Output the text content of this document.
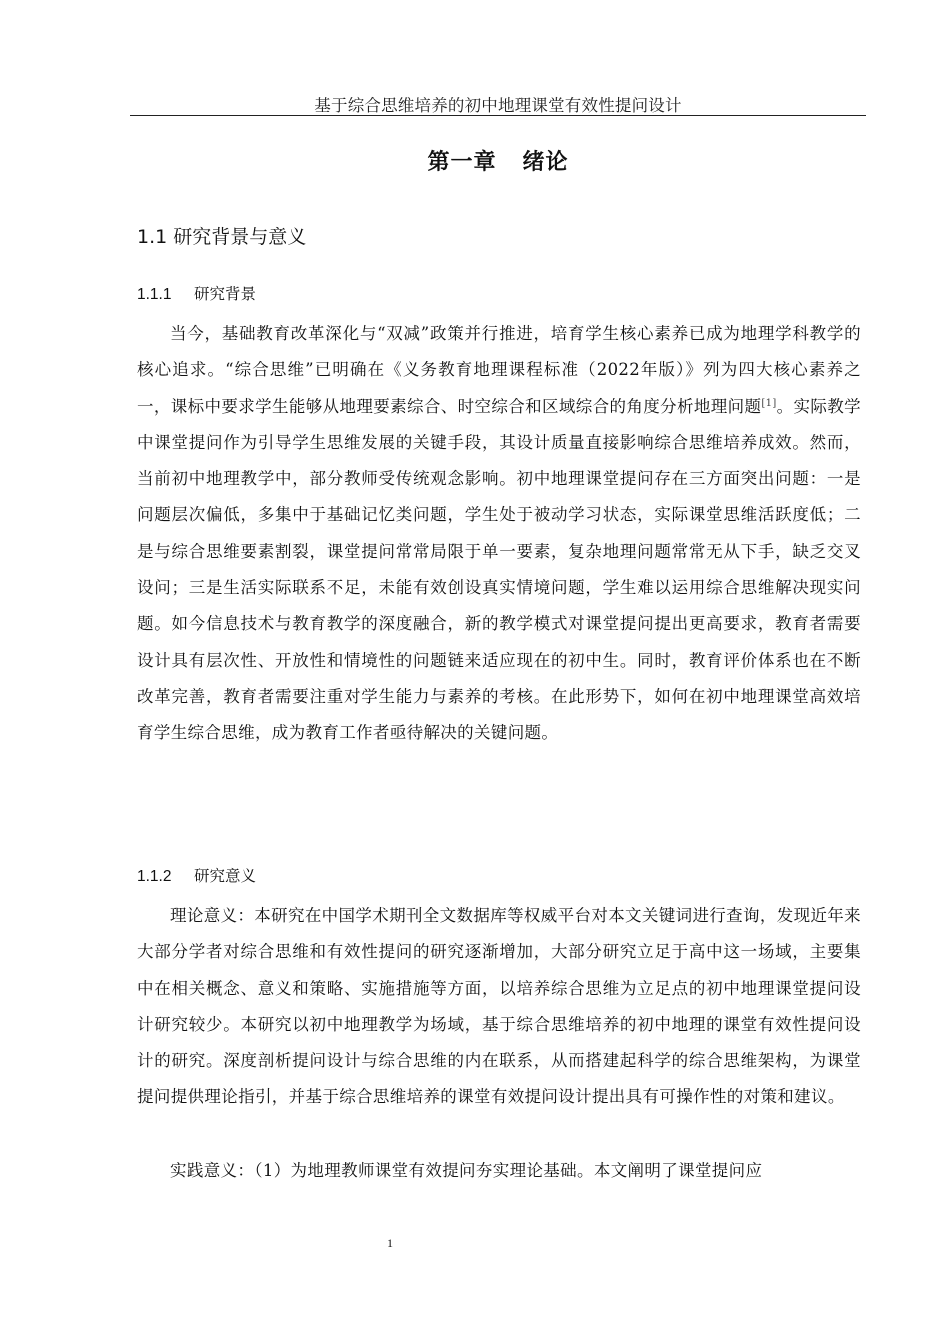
基于综合思维培养的初中地理课堂有效性提问设计
第一章 绪论
1.1 研究背景与意义
1.1.1 研究背景

当今，基础教育改革深化与“双减”政策并行推进，培育学生核心素养已成为地理学科教学的核心追求。“综合思维”已明确在《义务教育地理课程标准（2022年版）》列为四大核心素养之一，课标中要求学生能够从地理要素综合、时空综合和区域综合的角度分析地理问题[1]。实际教学中课堂提问作为引导学生思维发展的关键手段，其设计质量直接影响综合思维培养成效。然而，当前初中地理教学中，部分教师受传统观念影响。初中地理课堂提问存在三方面突出问题：一是问题层次偏低，多集中于基础记忆类问题，学生处于被动学习状态，实际课堂思维活跃度低；二是与综合思维要素割裂，课堂提问常常局限于单一要素，复杂地理问题常常无从下手，缺乏交叉设问；三是生活实际联系不足，未能有效创设真实情境问题，学生难以运用综合思维解决现实问题。如今信息技术与教育教学的深度融合，新的教学模式对课堂提问提出更高要求，教育者需要设计具有层次性、开放性和情境性的问题链来适应现在的初中生。同时，教育评价体系也在不断改革完善，教育者需要注重对学生能力与素养的考核。在此形势下，如何在初中地理课堂高效培育学生综合思维，成为教育工作者亟待解决的关键问题。

1.1.2 研究意义

理论意义：本研究在中国学术期刊全文数据库等权威平台对本文关键词进行查询，发现近年来大部分学者对综合思维和有效性提问的研究逐渐增加，大部分研究立足于高中这一场域，主要集中在相关概念、意义和策略、实施措施等方面，以培养综合思维为立足点的初中地理课堂提问设计研究较少。本研究以初中地理教学为场域，基于综合思维培养的初中地理的课堂有效性提问设计的研究。深度剖析提问设计与综合思维的内在联系，从而搭建起科学的综合思维架构，为课堂提问提供理论指引，并基于综合思维培养的课堂有效提问设计提出具有可操作性的对策和建议。

实践意义：（1）为地理教师课堂有效提问夯实理论基础。本文阐明了课堂提问应

1
